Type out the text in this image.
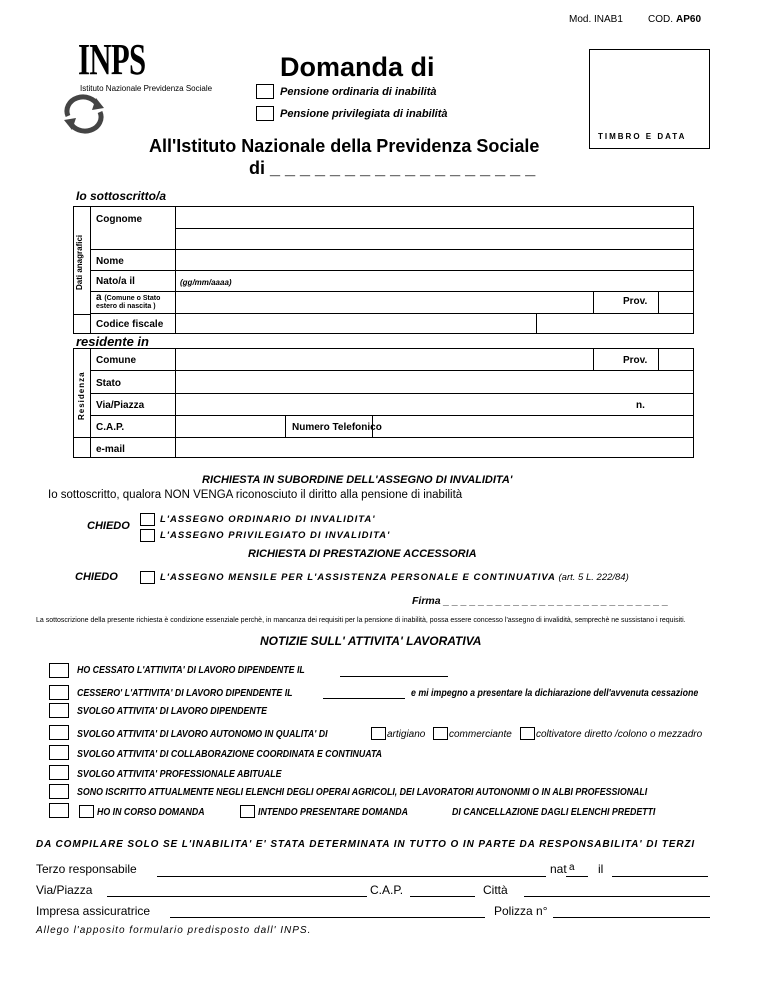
Mod. INAB1	COD. AP60
INPS
Istituto Nazionale Previdenza Sociale
Domanda di
Pensione ordinaria di inabilità
Pensione privilegiata di inabilità
All'Istituto Nazionale della Previdenza Sociale
di _ _ _ _ _ _ _ _ _ _ _ _ _ _ _ _ _ _
TIMBRO E DATA
Io sottoscritto/a
Dati anagrafici
Cognome
Nome
Nato/a il	(gg/mm/aaaa)
a (Comune o Stato
estero di nascita )	Prov.
Codice fiscale
residente in
Residenza
Comune	Prov.
Stato
Via/Piazza	n.
C.A.P.	Numero Telefonico
e-mail
RICHIESTA IN SUBORDINE DELL'ASSEGNO DI INVALIDITA'
Io sottoscritto, qualora NON VENGA riconosciuto il diritto alla pensione di inabilità
CHIEDO
L'ASSEGNO ORDINARIO DI INVALIDITA'
L'ASSEGNO PRIVILEGIATO DI INVALIDITA'
RICHIESTA DI PRESTAZIONE ACCESSORIA
CHIEDO	L'ASSEGNO MENSILE PER L'ASSISTENZA PERSONALE E CONTINUATIVA (art. 5 L. 222/84)
Firma _ _ _ _ _ _ _ _ _ _ _ _ _ _ _ _ _ _ _ _ _ _ _ _ _ _
La sottoscrizione della presente richiesta è condizione essenziale perchè, in mancanza dei requisiti per la pensione di inabilità, possa essere concesso l'assegno di invalidità, semprechè ne sussistano i requisiti.
NOTIZIE SULL' ATTIVITA' LAVORATIVA
HO CESSATO L'ATTIVITA' DI LAVORO DIPENDENTE IL
CESSERO' L'ATTIVITA' DI LAVORO DIPENDENTE IL	e mi impegno a presentare la dichiarazione dell'avvenuta cessazione
SVOLGO ATTIVITA' DI LAVORO DIPENDENTE
SVOLGO ATTIVITA' DI LAVORO AUTONOMO IN QUALITA' DI	artigiano commerciante coltivatore diretto /colono o mezzadro
SVOLGO ATTIVITA' DI COLLABORAZIONE COORDINATA E CONTINUATA
SVOLGO ATTIVITA' PROFESSIONALE ABITUALE
SONO ISCRITTO ATTUALMENTE NEGLI ELENCHI DEGLI OPERAI AGRICOLI, DEI LAVORATORI AUTONONMI O IN ALBI PROFESSIONALI
HO IN CORSO DOMANDA	INTENDO PRESENTARE DOMANDA	DI CANCELLAZIONE DAGLI ELENCHI PREDETTI
DA COMPILARE SOLO SE L'INABILITA' E' STATA DETERMINATA IN TUTTO O IN PARTE DA RESPONSABILITA' DI TERZI
Terzo responsabile	nat a il
Via/Piazza	C.A.P.	Città
Impresa assicuratrice	Polizza n°
Allego l'apposito formulario predisposto dall' INPS.
